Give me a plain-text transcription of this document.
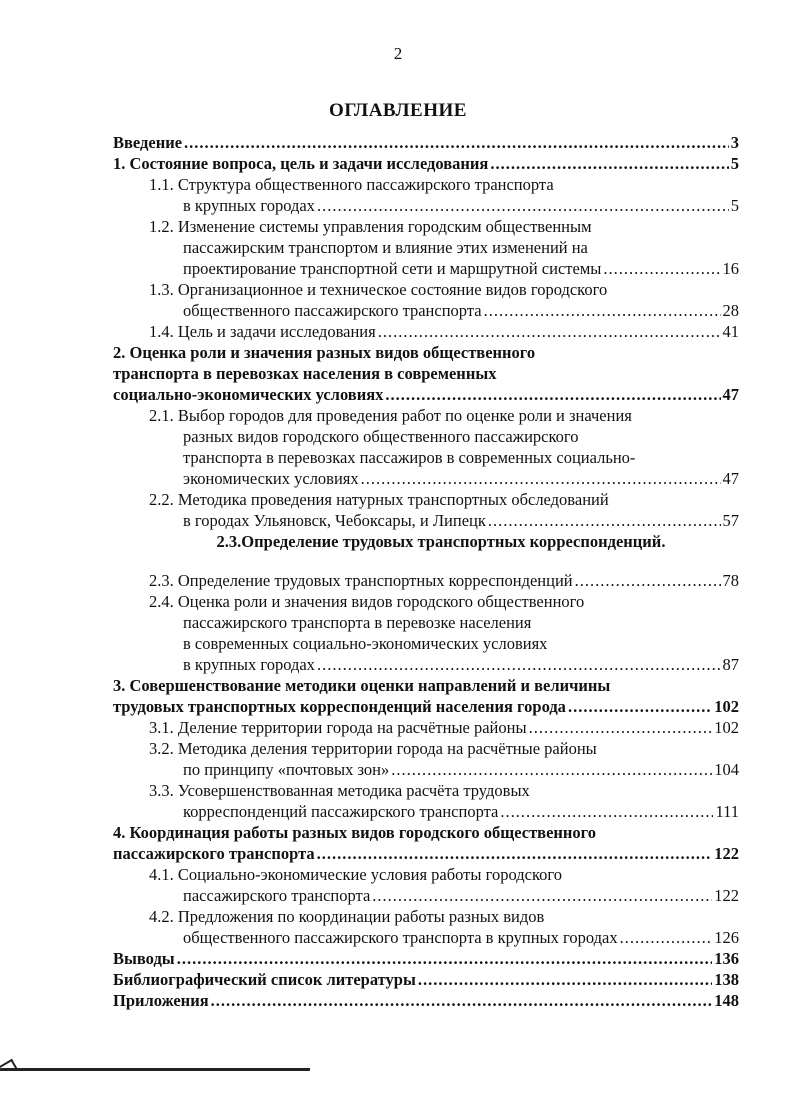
2
ОГЛАВЛЕНИЕ
Введение .....	3
1. Состояние вопроса, цель и задачи исследования .....	5
1.1. Структура общественного пассажирского транспорта
в крупных городах .....	5
1.2. Изменение системы управления городским общественным
пассажирским транспортом и влияние этих изменений на
проектирование транспортной сети и маршрутной системы .....	16
1.3. Организационное и техническое состояние видов городского
общественного пассажирского транспорта .....	28
1.4. Цель и задачи исследования .....	41
2. Оценка роли и значения разных видов общественного
транспорта в перевозках населения в современных
социально-экономических условиях .....	47
2.1. Выбор городов для проведения работ по оценке роли и значения
разных видов городского общественного пассажирского
транспорта в перевозках пассажиров в современных социально-
экономических условиях .....	47
2.2. Методика проведения натурных транспортных обследований
в городах Ульяновск, Чебоксары, и Липецк .....	57

2.3.Определение трудовых транспортных корреспонденций.

2.3. Определение трудовых транспортных корреспонденций .....	78
2.4. Оценка роли и значения видов городского общественного
пассажирского транспорта в перевозке населения
в современных социально-экономических условиях
в крупных городах .....	87
3. Совершенствование методики оценки направлений и величины
трудовых транспортных корреспонденций населения города .....	102
3.1. Деление территории города на расчётные районы .....	102
3.2. Методика деления территории города на расчётные районы
по принципу «почтовых зон» .....	104
3.3. Усовершенствованная методика расчёта трудовых
корреспонденций пассажирского транспорта .....	111
4. Координация работы разных видов городского общественного
пассажирского транспорта .....	122
4.1. Социально-экономические условия работы городского
пассажирского транспорта .....	122
4.2. Предложения по координации работы разных видов
общественного пассажирского транспорта в крупных городах .....	126
Выводы .....	136
Библиографический список литературы .....	138
Приложения .....	148
